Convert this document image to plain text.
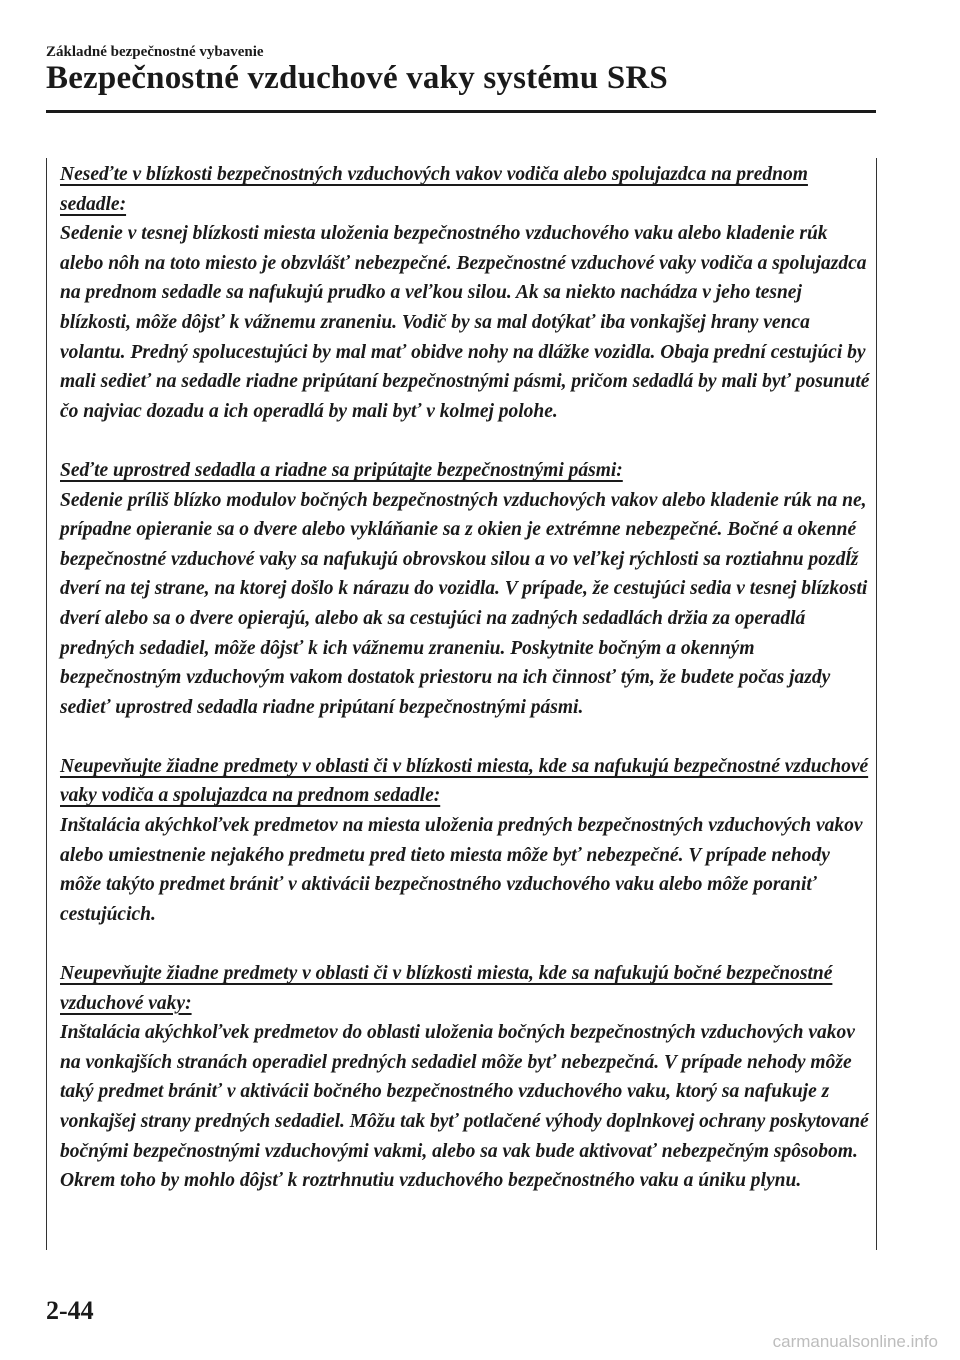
Základné bezpečnostné vybavenie
Bezpečnostné vzduchové vaky systému SRS
Neseďte v blízkosti bezpečnostných vzduchových vakov vodiča alebo spolujazdca na prednom sedadle:
Sedenie v tesnej blízkosti miesta uloženia bezpečnostného vzduchového vaku alebo kladenie rúk alebo nôh na toto miesto je obzvlášť nebezpečné. Bezpečnostné vzduchové vaky vodiča a spolujazdca na prednom sedadle sa nafukujú prudko a veľkou silou. Ak sa niekto nachádza v jeho tesnej blízkosti, môže dôjsť k vážnemu zraneniu. Vodič by sa mal dotýkať iba vonkajšej hrany venca volantu. Predný spolucestujúci by mal mať obidve nohy na dlážke vozidla. Obaja prední cestujúci by mali sedieť na sedadle riadne pripútaní bezpečnostnými pásmi, pričom sedadlá by mali byť posunuté čo najviac dozadu a ich operadlá by mali byť v kolmej polohe.
Seďte uprostred sedadla a riadne sa pripútajte bezpečnostnými pásmi:
Sedenie príliš blízko modulov bočných bezpečnostných vzduchových vakov alebo kladenie rúk na ne, prípadne opieranie sa o dvere alebo vykláňanie sa z okien je extrémne nebezpečné. Bočné a okenné bezpečnostné vzduchové vaky sa nafukujú obrovskou silou a vo veľkej rýchlosti sa roztiahnu pozdĺž dverí na tej strane, na ktorej došlo k nárazu do vozidla. V prípade, že cestujúci sedia v tesnej blízkosti dverí alebo sa o dvere opierajú, alebo ak sa cestujúci na zadných sedadlách držia za operadlá predných sedadiel, môže dôjsť k ich vážnemu zraneniu. Poskytnite bočným a okenným bezpečnostným vzduchovým vakom dostatok priestoru na ich činnosť tým, že budete počas jazdy sedieť uprostred sedadla riadne pripútaní bezpečnostnými pásmi.
Neupevňujte žiadne predmety v oblasti či v blízkosti miesta, kde sa nafukujú bezpečnostné vzduchové vaky vodiča a spolujazdca na prednom sedadle:
Inštalácia akýchkoľvek predmetov na miesta uloženia predných bezpečnostných vzduchových vakov alebo umiestnenie nejakého predmetu pred tieto miesta môže byť nebezpečné. V prípade nehody môže takýto predmet brániť v aktivácii bezpečnostného vzduchového vaku alebo môže poraniť cestujúcich.
Neupevňujte žiadne predmety v oblasti či v blízkosti miesta, kde sa nafukujú bočné bezpečnostné vzduchové vaky:
Inštalácia akýchkoľvek predmetov do oblasti uloženia bočných bezpečnostných vzduchových vakov na vonkajších stranách operadiel predných sedadiel môže byť nebezpečná. V prípade nehody môže taký predmet brániť v aktivácii bočného bezpečnostného vzduchového vaku, ktorý sa nafukuje z vonkajšej strany predných sedadiel. Môžu tak byť potlačené výhody doplnkovej ochrany poskytované bočnými bezpečnostnými vzduchovými vakmi, alebo sa vak bude aktivovať nebezpečným spôsobom. Okrem toho by mohlo dôjsť k roztrhnutiu vzduchového bezpečnostného vaku a úniku plynu.
2-44
carmanualsonline.info
